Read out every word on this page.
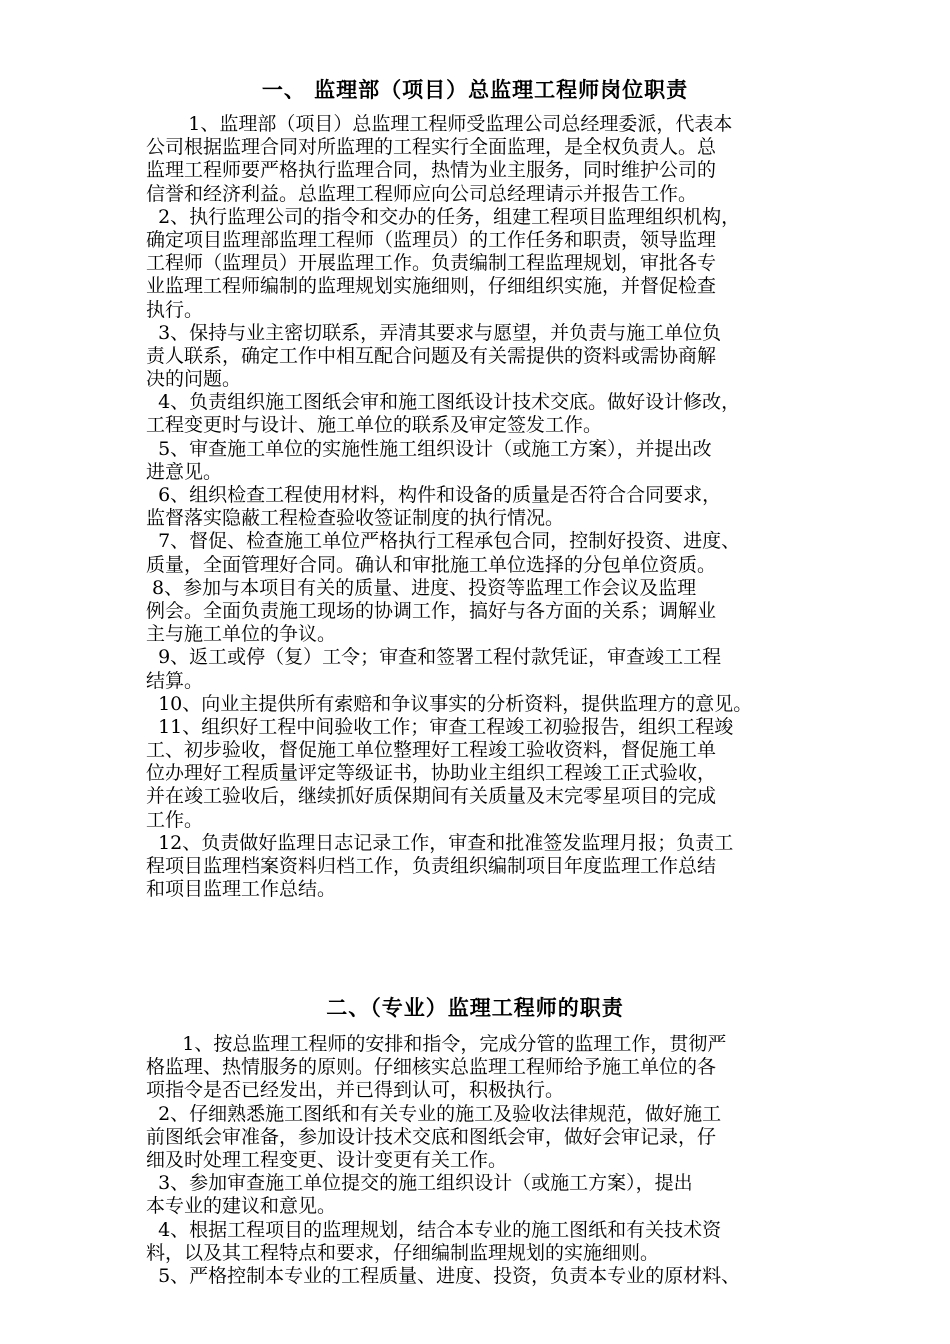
一、 监理部（项目）总监理工程师岗位职责
1、监理部（项目）总监理工程师受监理公司总经理委派，代表本
公司根据监理合同对所监理的工程实行全面监理，是全权负责人。总
监理工程师要严格执行监理合同，热情为业主服务，同时维护公司的
信誉和经济利益。总监理工程师应向公司总经理请示并报告工作。
2、执行监理公司的指令和交办的任务，组建工程项目监理组织机构，
确定项目监理部监理工程师（监理员）的工作任务和职责，领导监理
工程师（监理员）开展监理工作。负责编制工程监理规划，审批各专
业监理工程师编制的监理规划实施细则，仔细组织实施，并督促检查
执行。
3、保持与业主密切联系，弄清其要求与愿望，并负责与施工单位负
责人联系，确定工作中相互配合问题及有关需提供的资料或需协商解
决的问题。
4、负责组织施工图纸会审和施工图纸设计技术交底。做好设计修改，
工程变更时与设计、施工单位的联系及审定签发工作。
5、审查施工单位的实施性施工组织设计（或施工方案），并提出改
进意见。
6、组织检查工程使用材料，构件和设备的质量是否符合合同要求，
监督落实隐蔽工程检查验收签证制度的执行情况。
7、督促、检查施工单位严格执行工程承包合同，控制好投资、进度、
质量，全面管理好合同。确认和审批施工单位选择的分包单位资质。
8、参加与本项目有关的质量、进度、投资等监理工作会议及监理
例会。全面负责施工现场的协调工作，搞好与各方面的关系；调解业
主与施工单位的争议。
9、返工或停（复）工令；审查和签署工程付款凭证，审查竣工工程
结算。
10、向业主提供所有索赔和争议事实的分析资料，提供监理方的意见。
11、组织好工程中间验收工作；审查工程竣工初验报告，组织工程竣
工、初步验收，督促施工单位整理好工程竣工验收资料，督促施工单
位办理好工程质量评定等级证书，协助业主组织工程竣工正式验收，
并在竣工验收后，继续抓好质保期间有关质量及末完零星项目的完成
工作。
12、负责做好监理日志记录工作，审查和批准签发监理月报；负责工
程项目监理档案资料归档工作，负责组织编制项目年度监理工作总结
和项目监理工作总结。
二、（专业）监理工程师的职责
1、按总监理工程师的安排和指令，完成分管的监理工作，贯彻严
格监理、热情服务的原则。仔细核实总监理工程师给予施工单位的各
项指令是否已经发出，并已得到认可，积极执行。
2、仔细熟悉施工图纸和有关专业的施工及验收法律规范，做好施工
前图纸会审准备，参加设计技术交底和图纸会审，做好会审记录，仔
细及时处理工程变更、设计变更有关工作。
3、参加审查施工单位提交的施工组织设计（或施工方案），提出
本专业的建议和意见。
4、根据工程项目的监理规划，结合本专业的施工图纸和有关技术资
料，以及其工程特点和要求，仔细编制监理规划的实施细则。
5、严格控制本专业的工程质量、进度、投资，负责本专业的原材料、
